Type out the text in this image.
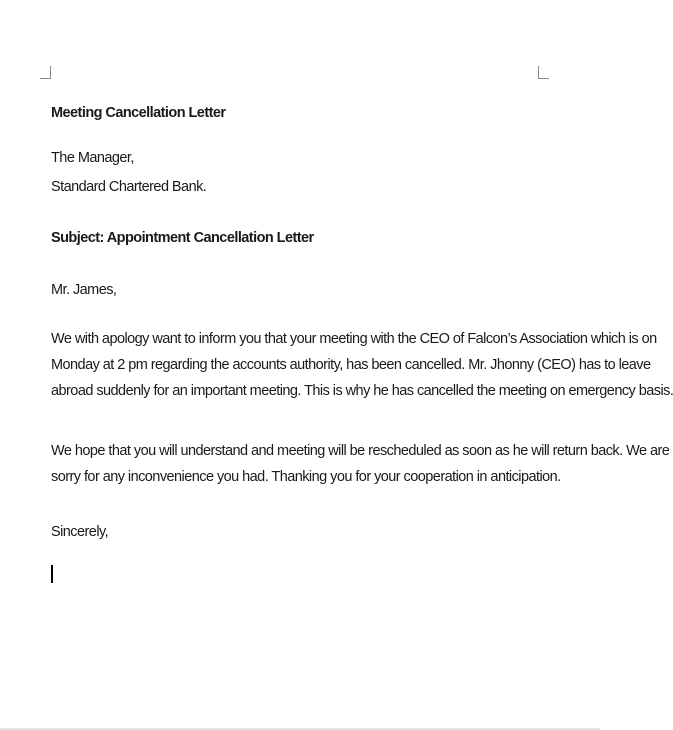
Meeting Cancellation Letter
The Manager,
Standard Chartered Bank.
Subject: Appointment Cancellation Letter
Mr. James,
We with apology want to inform you that your meeting with the CEO of Falcon’s Association which is on
Monday at 2 pm regarding the accounts authority, has been cancelled. Mr. Jhonny (CEO) has to leave
abroad suddenly for an important meeting. This is why he has cancelled the meeting on emergency basis.
We hope that you will understand and meeting will be rescheduled as soon as he will return back. We are
sorry for any inconvenience you had. Thanking you for your cooperation in anticipation.
Sincerely,
